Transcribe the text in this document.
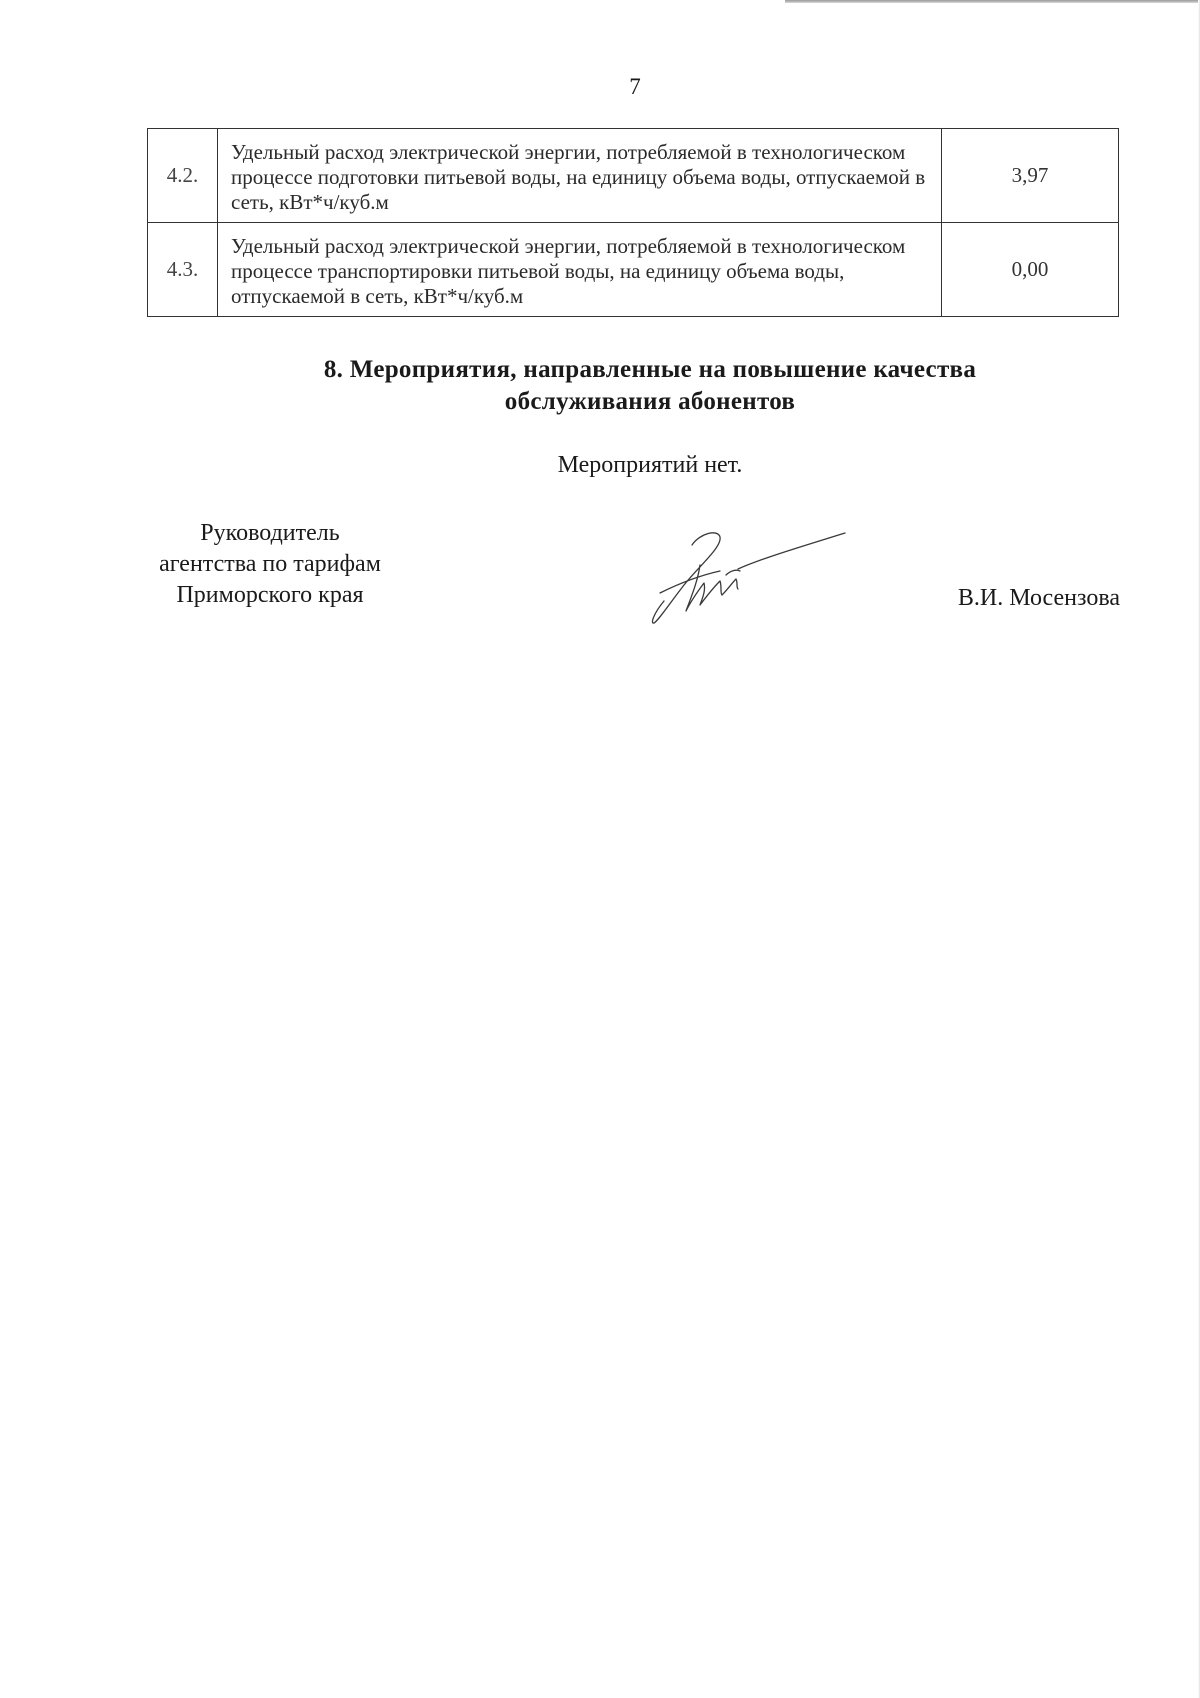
7
4.2.	Удельный расход электрической энергии, потребляемой в технологическом процессе подготовки питьевой воды, на единицу объема воды, отпускаемой в сеть, кВт*ч/куб.м	3,97
4.3.	Удельный расход электрической энергии, потребляемой в технологическом процессе транспортировки питьевой воды, на единицу объема воды, отпускаемой в сеть, кВт*ч/куб.м	0,00
8. Мероприятия, направленные на повышение качества
обслуживания абонентов
Мероприятий нет.
Руководитель
агентства по тарифам
Приморского края	В.И. Мосензова
